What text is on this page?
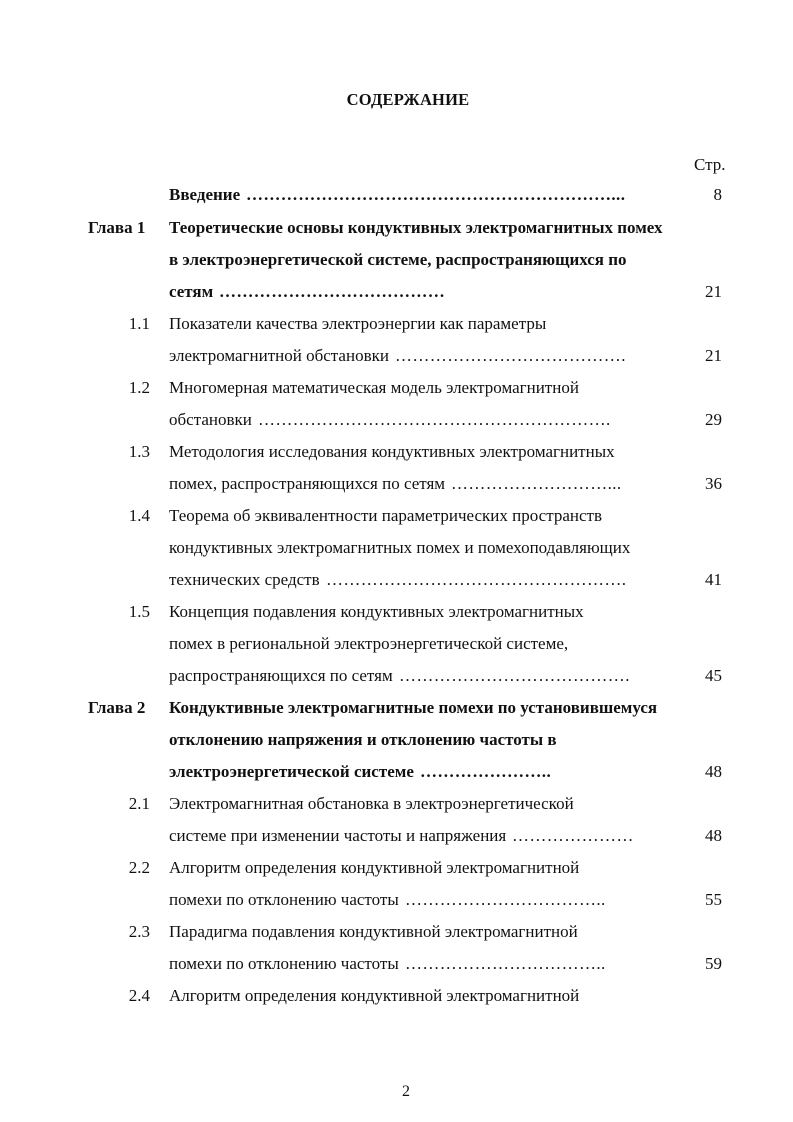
СОДЕРЖАНИЕ
Стр.
Введение ………………………………………………………...	8
Глава 1	Теоретические основы кондуктивных электромагнитных помех
в электроэнергетической системе, распространяющихся по
сетям …………………………………	21
1.1 Показатели качества электроэнергии как параметры
электромагнитной обстановки ………………………………….	21
1.2 Многомерная математическая модель электромагнитной
обстановки …………………………………………………….	29
1.3 Методология исследования кондуктивных электромагнитных
помех, распространяющихся по сетям ………………………...	36
1.4 Теорема об эквивалентности параметрических пространств
кондуктивных электромагнитных помех и помехоподавляющих
технических средств …………………………………………….	41
1.5 Концепция подавления кондуктивных электромагнитных
помех в региональной электроэнергетической системе,
распространяющихся по сетям ………………………………….	45
Глава 2	Кондуктивные электромагнитные помехи по установившемуся
отклонению напряжения и отклонению частоты в
электроэнергетической системе …………………..	48
2.1 Электромагнитная обстановка в электроэнергетической
системе при изменении частоты и напряжения …………………	48
2.2 Алгоритм определения кондуктивной электромагнитной
помехи по отклонению частоты ……………………………..	55
2.3 Парадигма подавления кондуктивной электромагнитной
помехи по отклонению частоты ……………………………..	59
2.4 Алгоритм определения кондуктивной электромагнитной
2
